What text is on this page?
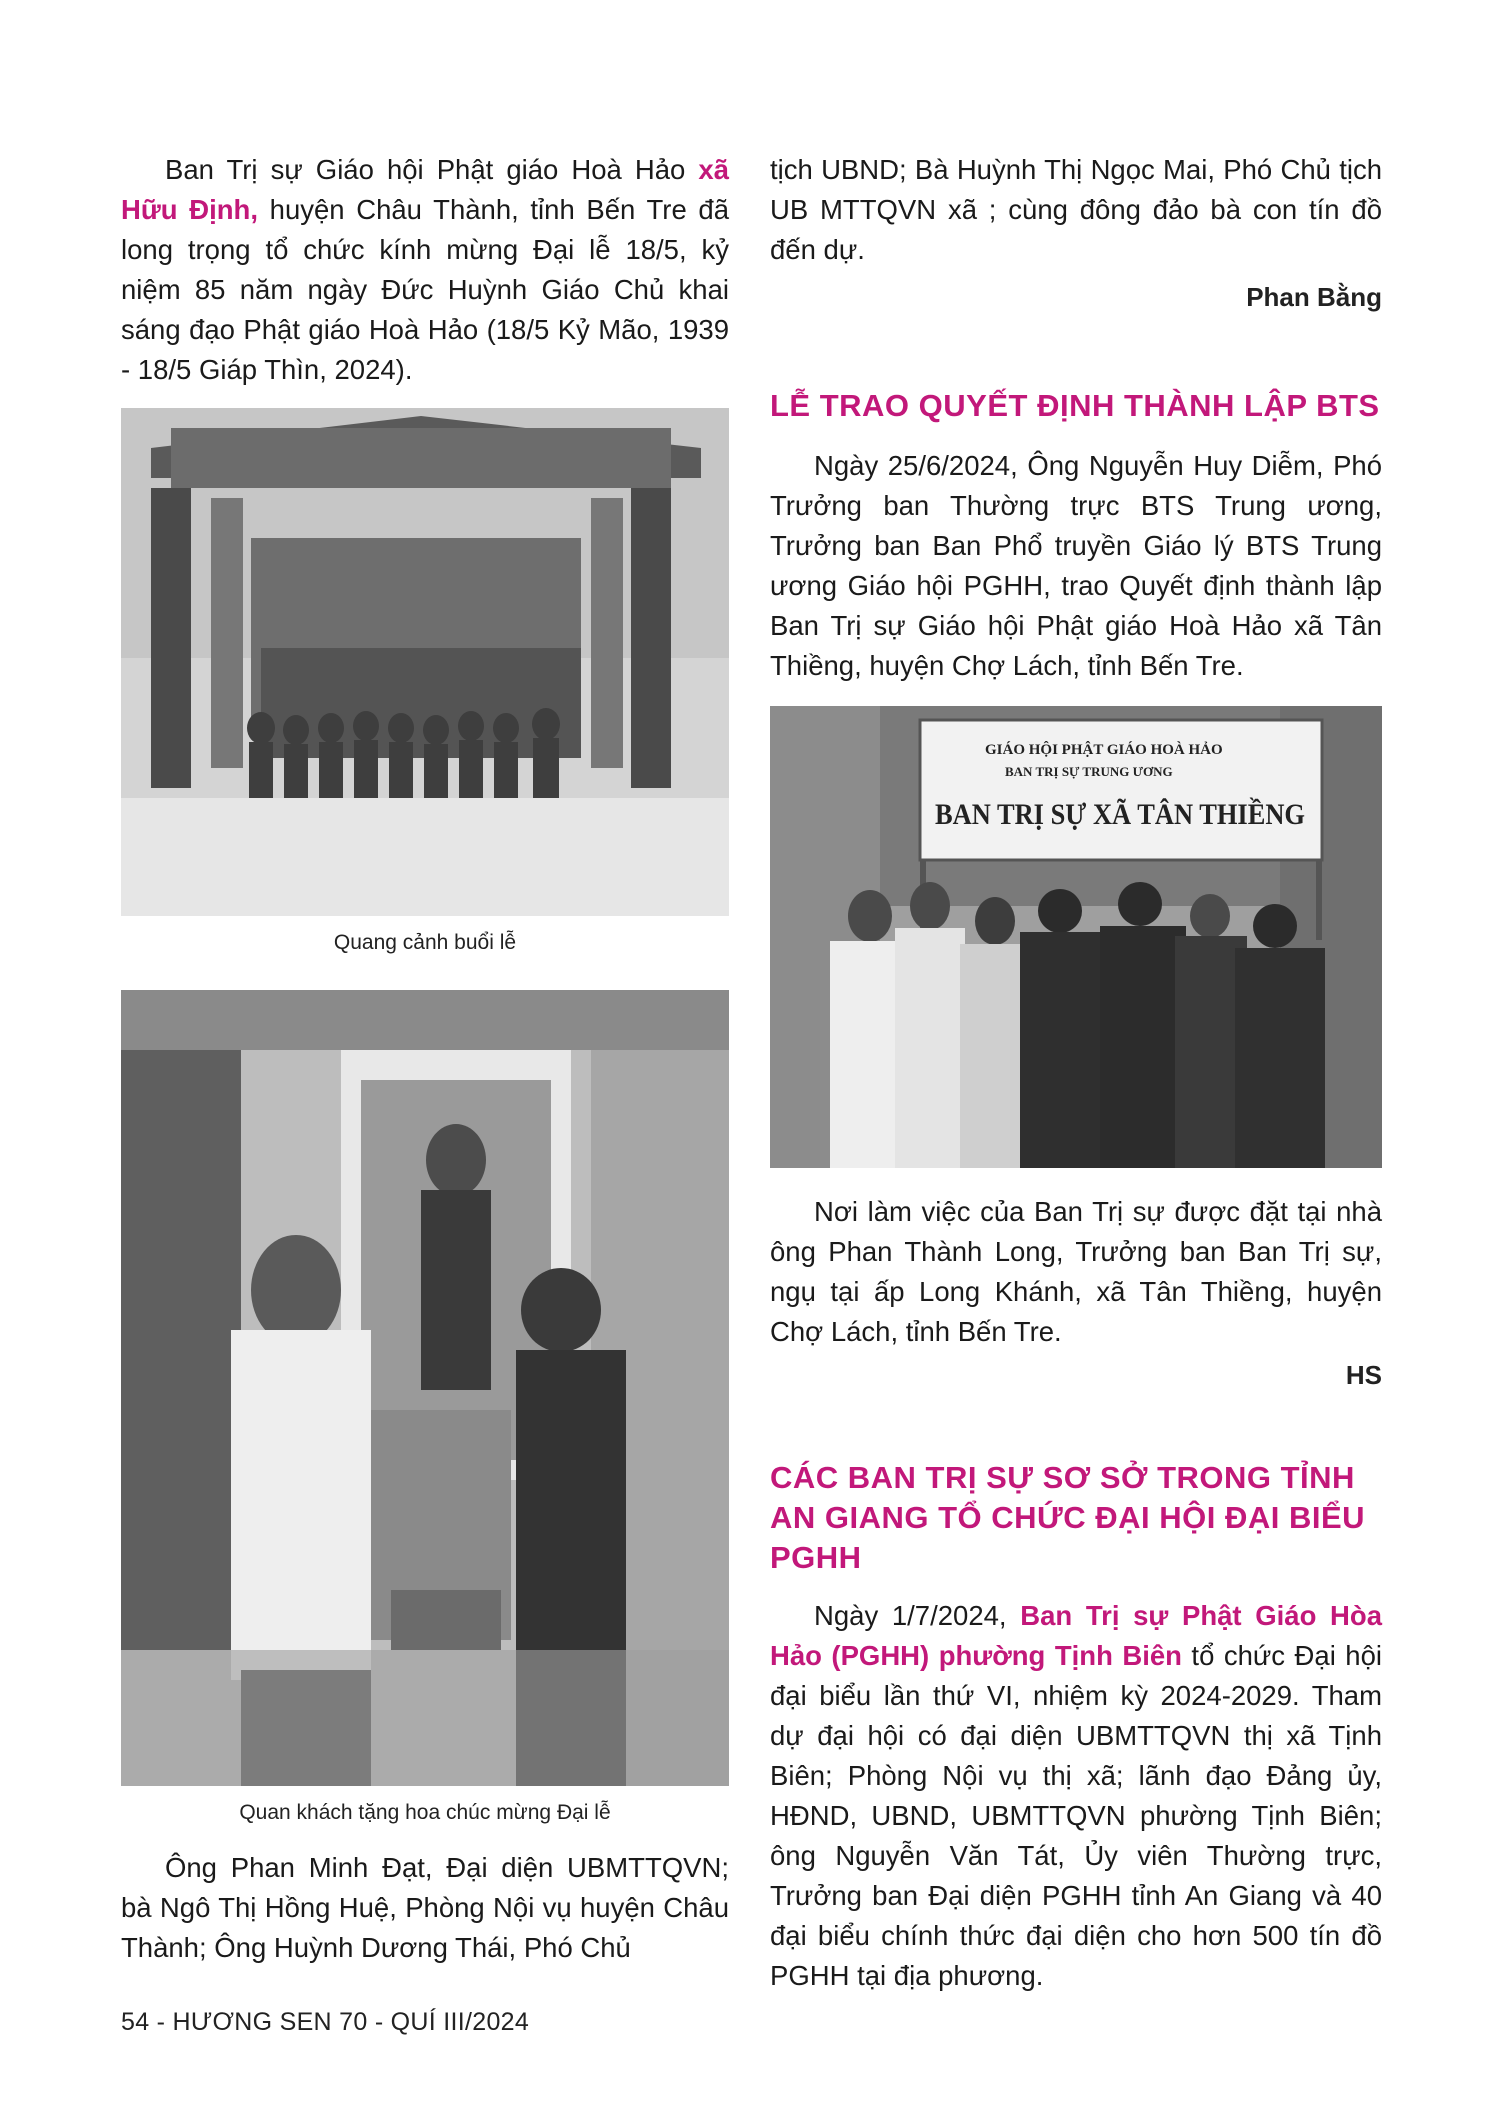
Ban Trị sự Giáo hội Phật giáo Hoà Hảo xã Hữu Định, huyện Châu Thành, tỉnh Bến Tre đã long trọng tổ chức kính mừng Đại lễ 18/5, kỷ niệm 85 năm ngày Đức Huỳnh Giáo Chủ khai sáng đạo Phật giáo Hoà Hảo (18/5 Kỷ Mão, 1939 - 18/5 Giáp Thìn, 2024).

Quang cảnh buổi lễ
Quan khách tặng hoa chúc mừng Đại lễ

Ông Phan Minh Đạt, Đại diện UBMTTQVN; bà Ngô Thị Hồng Huệ, Phòng Nội vụ huyện Châu Thành; Ông Huỳnh Dương Thái, Phó Chủ

tịch UBND; Bà Huỳnh Thị Ngọc Mai, Phó Chủ tịch UB MTTQVN xã ; cùng đông đảo bà con tín đồ đến dự.

Phan Bằng
LỄ TRAO QUYẾT ĐỊNH THÀNH LẬP BTS

Ngày 25/6/2024, Ông Nguyễn Huy Diễm, Phó Trưởng ban Thường trực BTS Trung ương, Trưởng ban Ban Phổ truyền Giáo lý BTS Trung ương Giáo hội PGHH, trao Quyết định thành lập Ban Trị sự Giáo hội Phật giáo Hoà Hảo xã Tân Thiềng, huyện Chợ Lách, tỉnh Bến Tre.

GIÁO HỘI PHẬT GIÁO HOÀ HẢO
BAN TRỊ SỰ TRUNG ƯƠNG
BAN TRỊ SỰ XÃ TÂN THIỀNG

Nơi làm việc của Ban Trị sự được đặt tại nhà ông Phan Thành Long, Trưởng ban Ban Trị sự, ngụ tại ấp Long Khánh, xã Tân Thiềng, huyện Chợ Lách, tỉnh Bến Tre.

HS
CÁC BAN TRỊ SỰ SƠ SỞ TRONG TỈNH AN GIANG TỔ CHỨC ĐẠI HỘI ĐẠI BIỂU PGHH

Ngày 1/7/2024, Ban Trị sự Phật Giáo Hòa Hảo (PGHH) phường Tịnh Biên tổ chức Đại hội đại biểu lần thứ VI, nhiệm kỳ 2024-2029. Tham dự đại hội có đại diện UBMTTQVN thị xã Tịnh Biên; Phòng Nội vụ thị xã; lãnh đạo Đảng ủy, HĐND, UBND, UBMTTQVN phường Tịnh Biên; ông Nguyễn Văn Tát, Ủy viên Thường trực, Trưởng ban Đại diện PGHH tỉnh An Giang và 40 đại biểu chính thức đại diện cho hơn 500 tín đồ PGHH tại địa phương.

54 - HƯƠNG SEN 70 - QUÍ III/2024
